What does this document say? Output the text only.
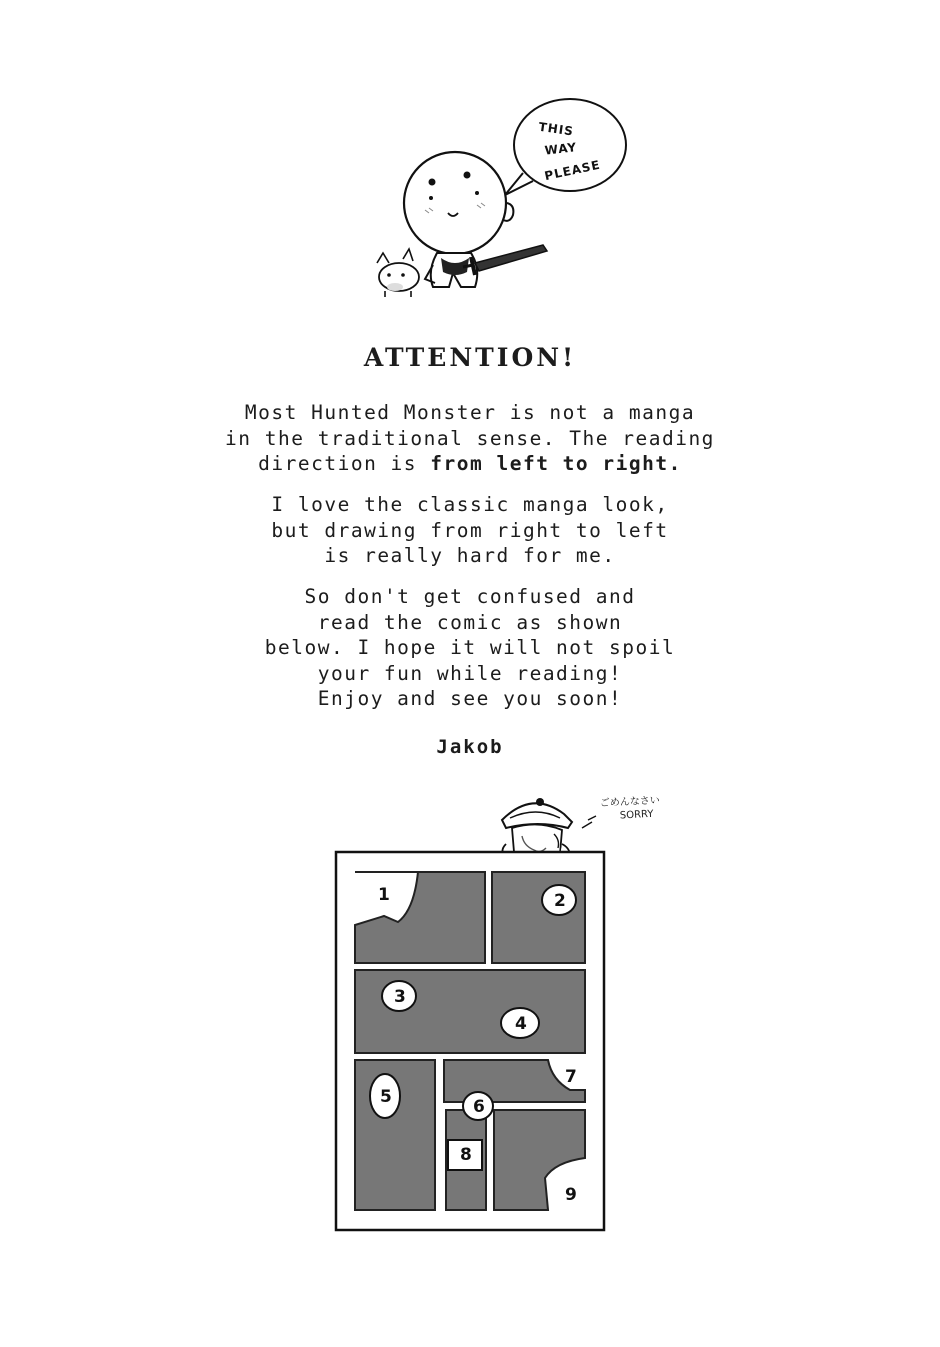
THIS
WAY
PLEASE
ATTENTION!

Most Hunted Monster is not a manga
in the traditional sense. The reading
direction is from left to right.

I love the classic manga look,
but drawing from right to left
is really hard for me.

So don't get confused and
read the comic as shown
below. I hope it will not spoil
your fun while reading!
Enjoy and see you soon!

Jakob
ごめんなさい
SORRY
1	2
3
4
5	6
7
8
9
